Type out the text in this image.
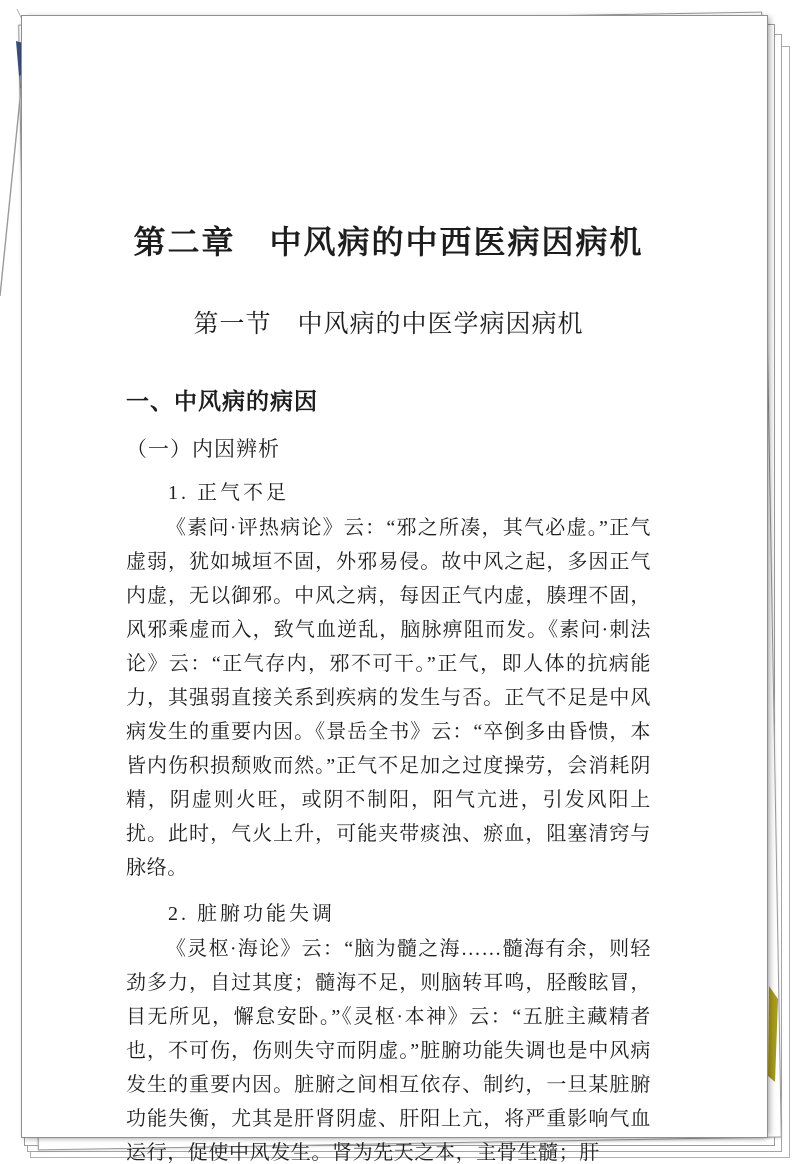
第二章　中风病的中西医病因病机
第一节　中风病的中医学病因病机
一、中风病的病因
（一）内因辨析
1. 正气不足
《素问·评热病论》云：“邪之所凑，其气必虚。”正气虚弱，犹如城垣不固，外邪易侵。故中风之起，多因正气内虚，无以御邪。中风之病，每因正气内虚，腠理不固，风邪乘虚而入，致气血逆乱，脑脉痹阻而发。《素问·刺法论》云：“正气存内，邪不可干。”正气，即人体的抗病能力，其强弱直接关系到疾病的发生与否。正气不足是中风病发生的重要内因。《景岳全书》云：“卒倒多由昏愦，本皆内伤积损颓败而然。”正气不足加之过度操劳，会消耗阴精，阴虚则火旺，或阴不制阳，阳气亢进，引发风阳上扰。此时，气火上升，可能夹带痰浊、瘀血，阻塞清窍与脉络。
2. 脏腑功能失调
《灵枢·海论》云：“脑为髓之海……髓海有余，则轻劲多力，自过其度；髓海不足，则脑转耳鸣，胫酸眩冒，目无所见，懈怠安卧。”《灵枢·本神》云：“五脏主藏精者也，不可伤，伤则失守而阴虚。”脏腑功能失调也是中风病发生的重要内因。脏腑之间相互依存、制约，一旦某脏腑功能失衡，尤其是肝肾阴虚、肝阳上亢，将严重影响气血运行，促使中风发生。肾为先天之本，主骨生髓；肝
